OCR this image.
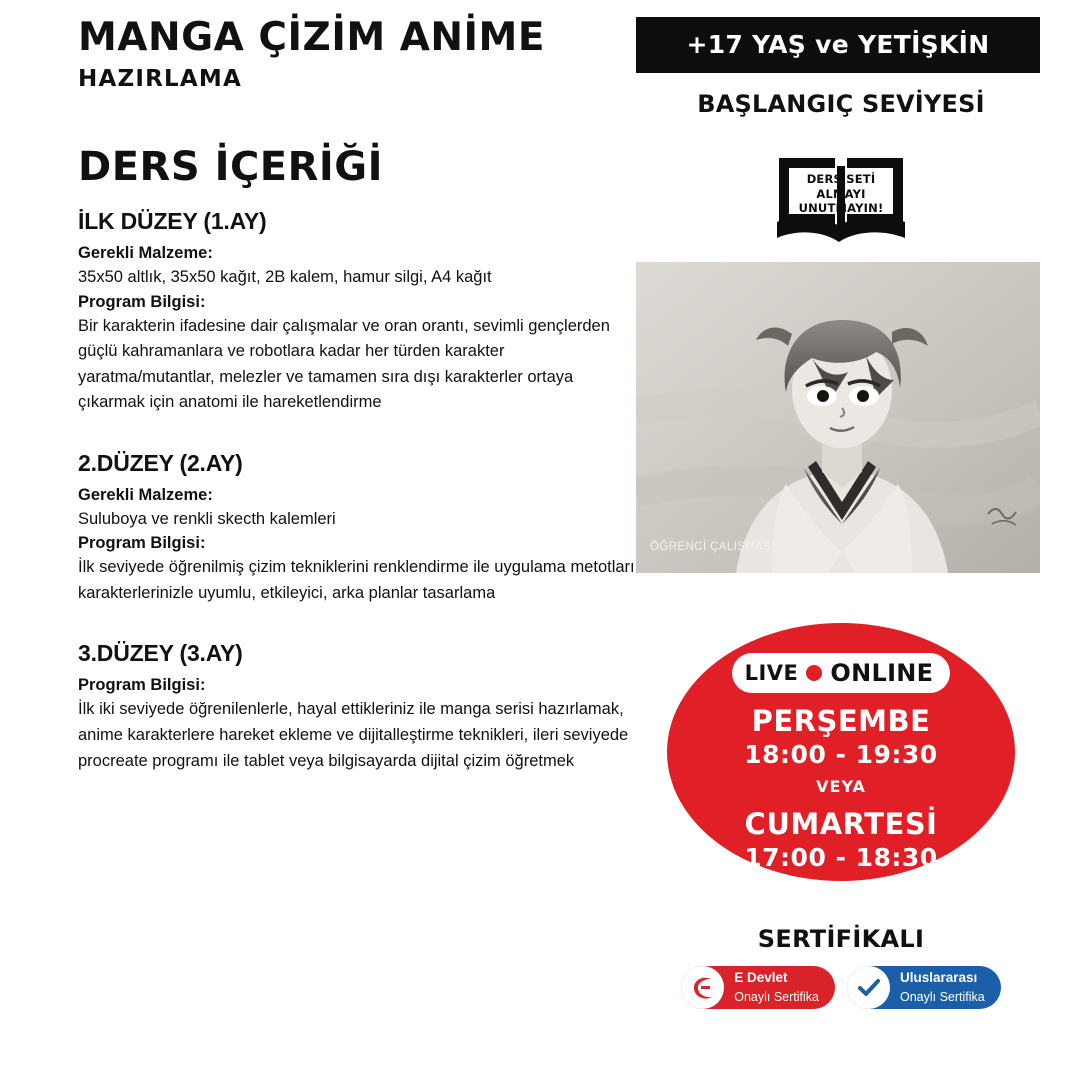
MANGA ÇİZİM ANİME
HAZIRLAMA
DERS İÇERİĞİ
İLK DÜZEY (1.AY)
Gerekli Malzeme:
35x50 altlık, 35x50 kağıt, 2B kalem, hamur silgi, A4 kağıt
Program Bilgisi:
Bir karakterin ifadesine dair çalışmalar ve oran orantı, sevimli gençlerden güçlü kahramanlara ve robotlara kadar her türden karakter yaratma/mutantlar, melezler ve tamamen sıra dışı karakterler ortaya çıkarmak için anatomi ile hareketlendirme
2.DÜZEY (2.AY)
Gerekli Malzeme:
Suluboya ve renkli skecth kalemleri
Program Bilgisi:
İlk seviyede öğrenilmiş çizim tekniklerini renklendirme ile uygulama metotları karakterlerinizle uyumlu, etkileyici, arka planlar tasarlama
3.DÜZEY (3.AY)
Program Bilgisi:
İlk iki seviyede öğrenilenlerle, hayal ettikleriniz ile manga serisi hazırlamak, anime karakterlere hareket ekleme ve dijitalleştirme teknikleri, ileri seviyede procreate programı ile tablet veya bilgisayarda dijital çizim öğretmek
+17 YAŞ ve YETİŞKİN
BAŞLANGIÇ SEVİYESİ
DERS SETİ
ALMAYI
UNUTMAYIN!
ÖĞRENCİ ÇALIŞMASI
LIVE ONLINE
PERŞEMBE
18:00 - 19:30
VEYA
CUMARTESİ
17:00 - 18:30
SERTİFİKALI
E Devlet
Onaylı Sertifika
Uluslararası
Onaylı Sertifika
